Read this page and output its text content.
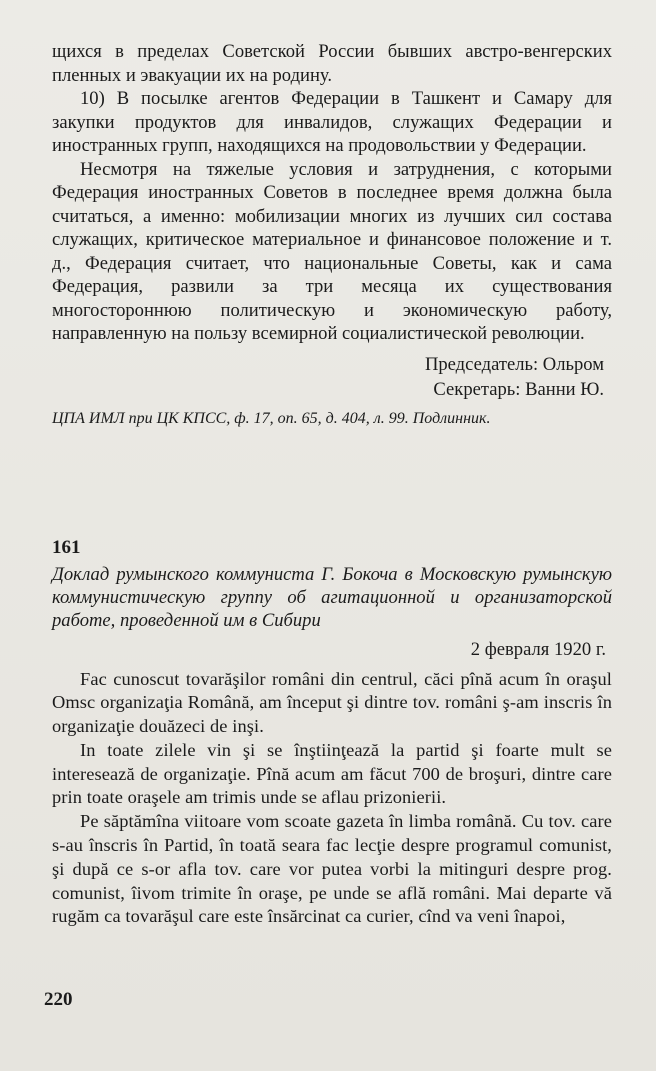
щихся в пределах Советской России бывших австро-венгерских пленных и эвакуации их на родину.

10) В посылке агентов Федерации в Ташкент и Самару для закупки продуктов для инвалидов, служащих Федерации и иностранных групп, находящихся на продовольствии у Федерации.

Несмотря на тяжелые условия и затруднения, с которыми Федерация иностранных Советов в последнее время должна была считаться, а именно: мобилизации многих из лучших сил состава служащих, критическое материальное и финансовое положение и т. д., Федерация считает, что национальные Советы, как и сама Федерация, развили за три месяца их существования многостороннюю политическую и экономическую работу, направленную на пользу всемирной социалистической революции.

Председатель: Ольром
Секретарь: Ванни Ю.

ЦПА ИМЛ при ЦК КПСС, ф. 17, оп. 65, д. 404, л. 99. Подлинник.

161

Доклад румынского коммуниста Г. Бокоча в Московскую румынскую коммунистическую группу об агитационной и организаторской работе, проведенной им в Сибири

2 февраля 1920 г.

Fac cunoscut tovarăşilor români din centrul, căci pînă acum în oraşul Omsc organizaţia Română, am început şi dintre tov. români ş-am inscris în organizaţie douăzeci de inşi.

In toate zilele vin şi se înştiinţează la partid şi foarte mult se interesează de organizaţie. Pînă acum am făcut 700 de broşuri, dintre care prin toate oraşele am trimis unde se aflau prizonierii.

Pe săptămîna viitoare vom scoate gazeta în limba română. Cu tov. care s-au înscris în Partid, în toată seara fac lecţie despre programul comunist, şi după ce s-or afla tov. care vor putea vorbi la mitinguri despre prog. comunist, îivom trimite în oraşe, pe unde se află români. Mai departe vă rugăm ca tovarăşul care este însărcinat ca curier, cînd va veni înapoi,

220
